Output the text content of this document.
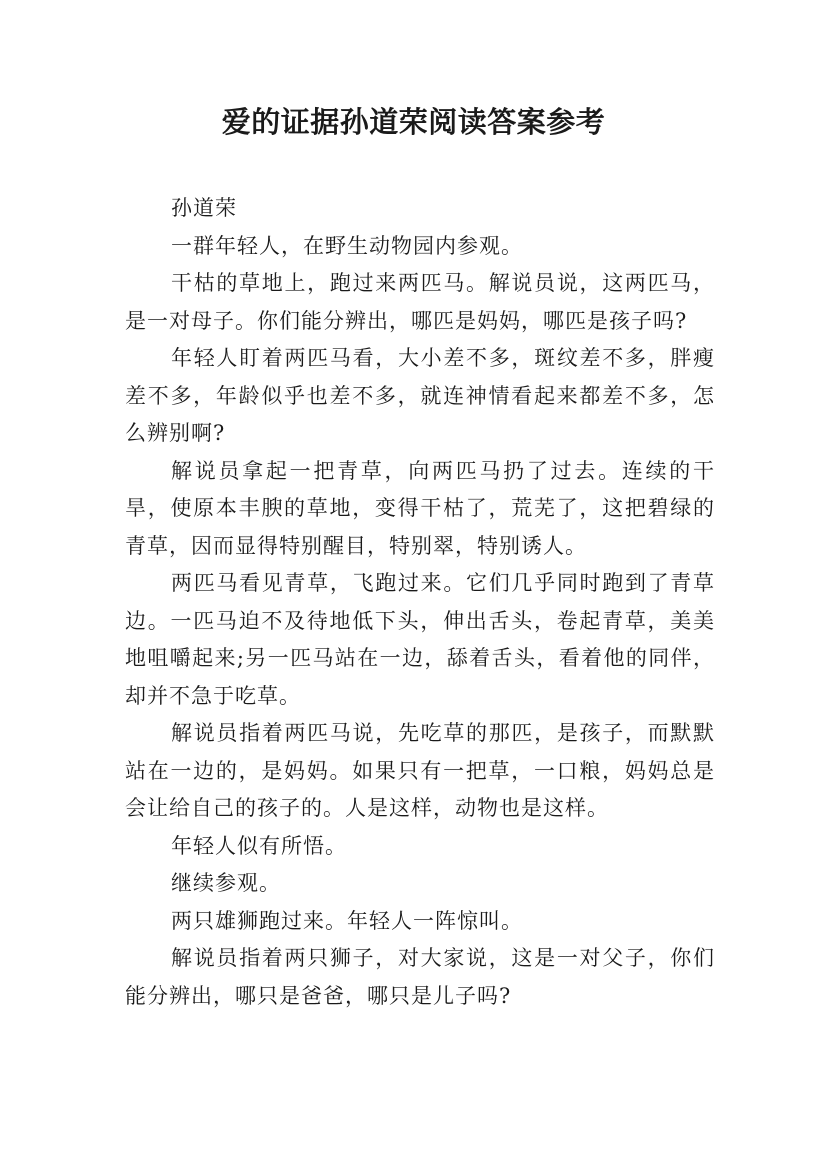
爱的证据孙道荣阅读答案参考

孙道荣

一群年轻人，在野生动物园内参观。

干枯的草地上，跑过来两匹马。解说员说，这两匹马，是一对母子。你们能分辨出，哪匹是妈妈，哪匹是孩子吗?

年轻人盯着两匹马看，大小差不多，斑纹差不多，胖瘦差不多，年龄似乎也差不多，就连神情看起来都差不多，怎么辨别啊?

解说员拿起一把青草，向两匹马扔了过去。连续的干旱，使原本丰腴的草地，变得干枯了，荒芜了，这把碧绿的青草，因而显得特别醒目，特别翠，特别诱人。

两匹马看见青草，飞跑过来。它们几乎同时跑到了青草边。一匹马迫不及待地低下头，伸出舌头，卷起青草，美美地咀嚼起来;另一匹马站在一边，舔着舌头，看着他的同伴，却并不急于吃草。

解说员指着两匹马说，先吃草的那匹，是孩子，而默默站在一边的，是妈妈。如果只有一把草，一口粮，妈妈总是会让给自己的孩子的。人是这样，动物也是这样。

年轻人似有所悟。

继续参观。

两只雄狮跑过来。年轻人一阵惊叫。

解说员指着两只狮子，对大家说，这是一对父子，你们能分辨出，哪只是爸爸，哪只是儿子吗?
